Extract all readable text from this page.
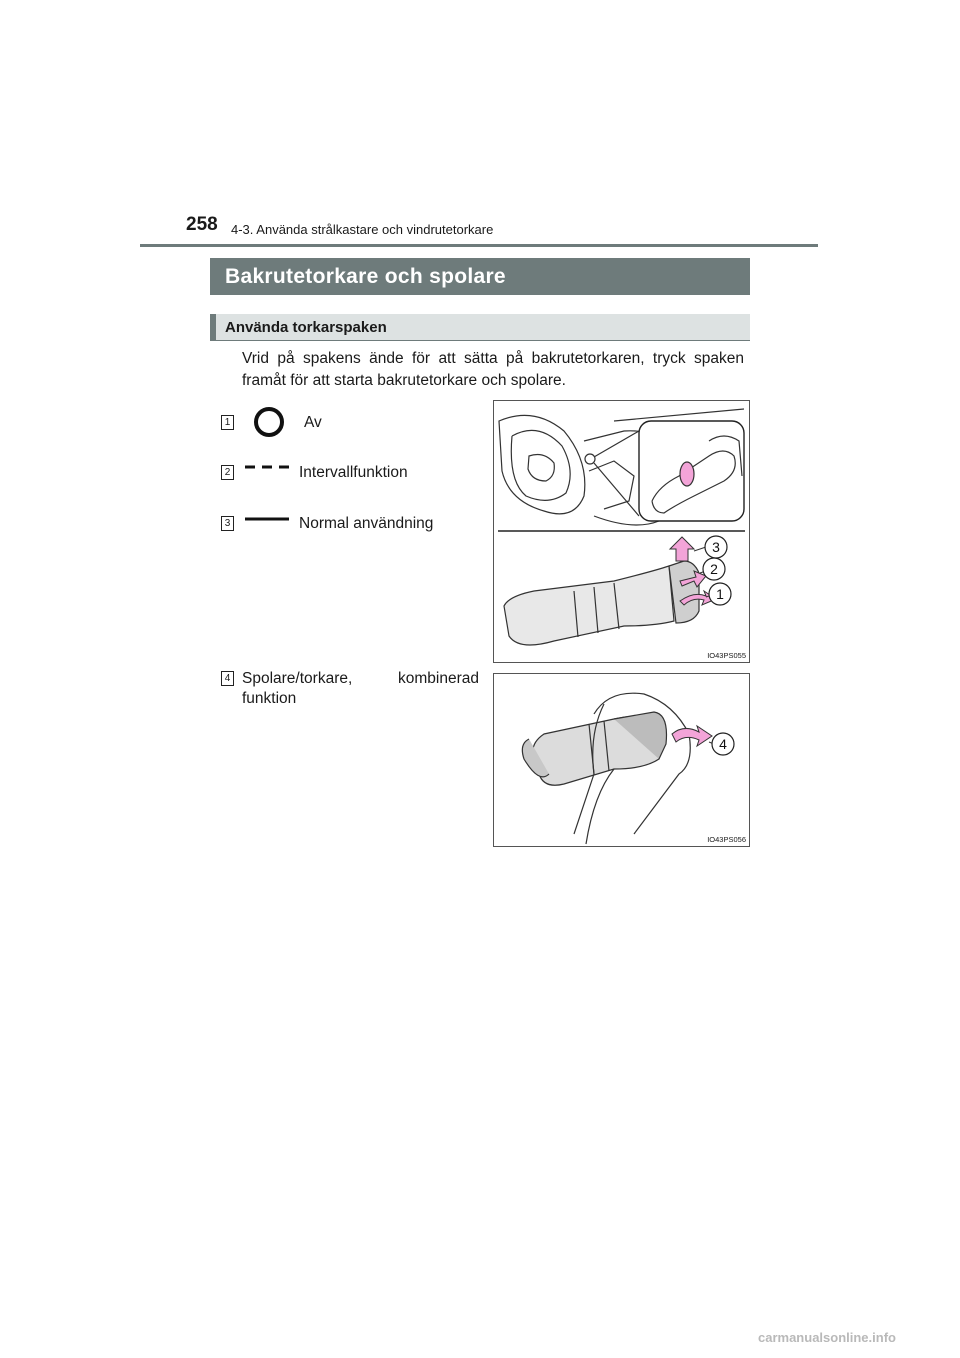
258 4-3. Använda strålkastare och vindrutetorkare
Bakrutetorkare och spolare
Använda torkarspaken

Vrid på spakens ände för att sätta på bakrutetorkaren, tryck spaken framåt för att starta bakrutetorkare och spolare.

1	Av
2	Intervallfunktion
3	Normal användning
4 Spolare/torkare, kombinerad
funktion
3
2
1
IO43PS055
4
IO43PS056
carmanualsonline.info
